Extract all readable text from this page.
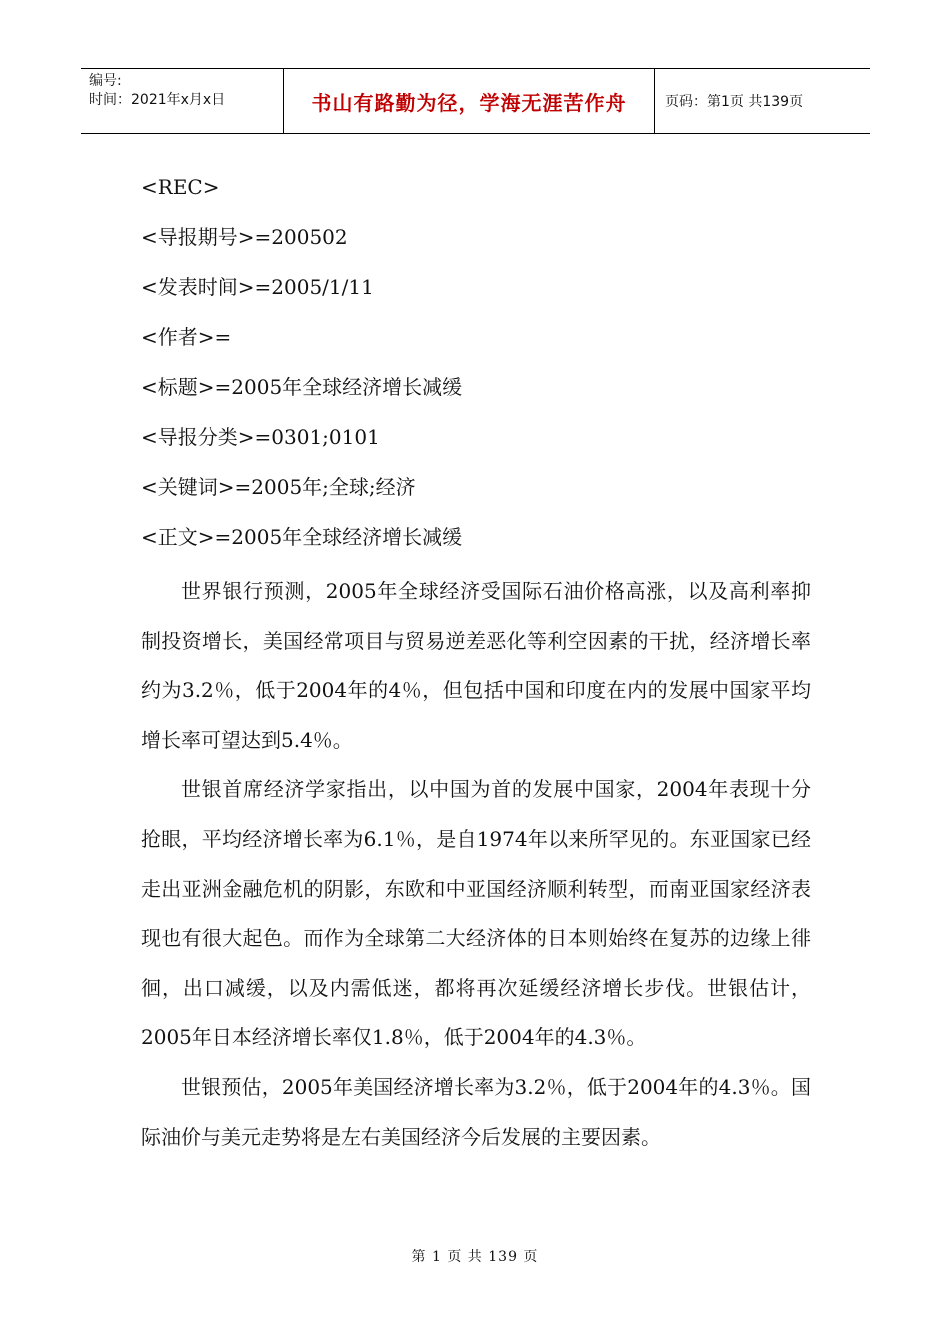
编号:
时间：2021年x月x日	书山有路勤为径，学海无涯苦作舟	页码：第1页 共139页
<REC>
<导报期号>=200502
<发表时间>=2005/1/11
<作者>=
<标题>=2005年全球经济增长减缓
<导报分类>=0301;0101
<关键词>=2005年;全球;经济
<正文>=2005年全球经济增长减缓

世界银行预测，2005年全球经济受国际石油价格高涨，以及高利率抑制投资增长，美国经常项目与贸易逆差恶化等利空因素的干扰，经济增长率约为3.2％，低于2004年的4％，但包括中国和印度在内的发展中国家平均增长率可望达到5.4％。

世银首席经济学家指出，以中国为首的发展中国家，2004年表现十分抢眼，平均经济增长率为6.1％，是自1974年以来所罕见的。东亚国家已经走出亚洲金融危机的阴影，东欧和中亚国经济顺利转型，而南亚国家经济表现也有很大起色。而作为全球第二大经济体的日本则始终在复苏的边缘上徘徊，出口减缓，以及内需低迷，都将再次延缓经济增长步伐。世银估计，2005年日本经济增长率仅1.8％，低于2004年的4.3％。

世银预估，2005年美国经济增长率为3.2％，低于2004年的4.3％。国际油价与美元走势将是左右美国经济今后发展的主要因素。

第 1 页 共 139 页
